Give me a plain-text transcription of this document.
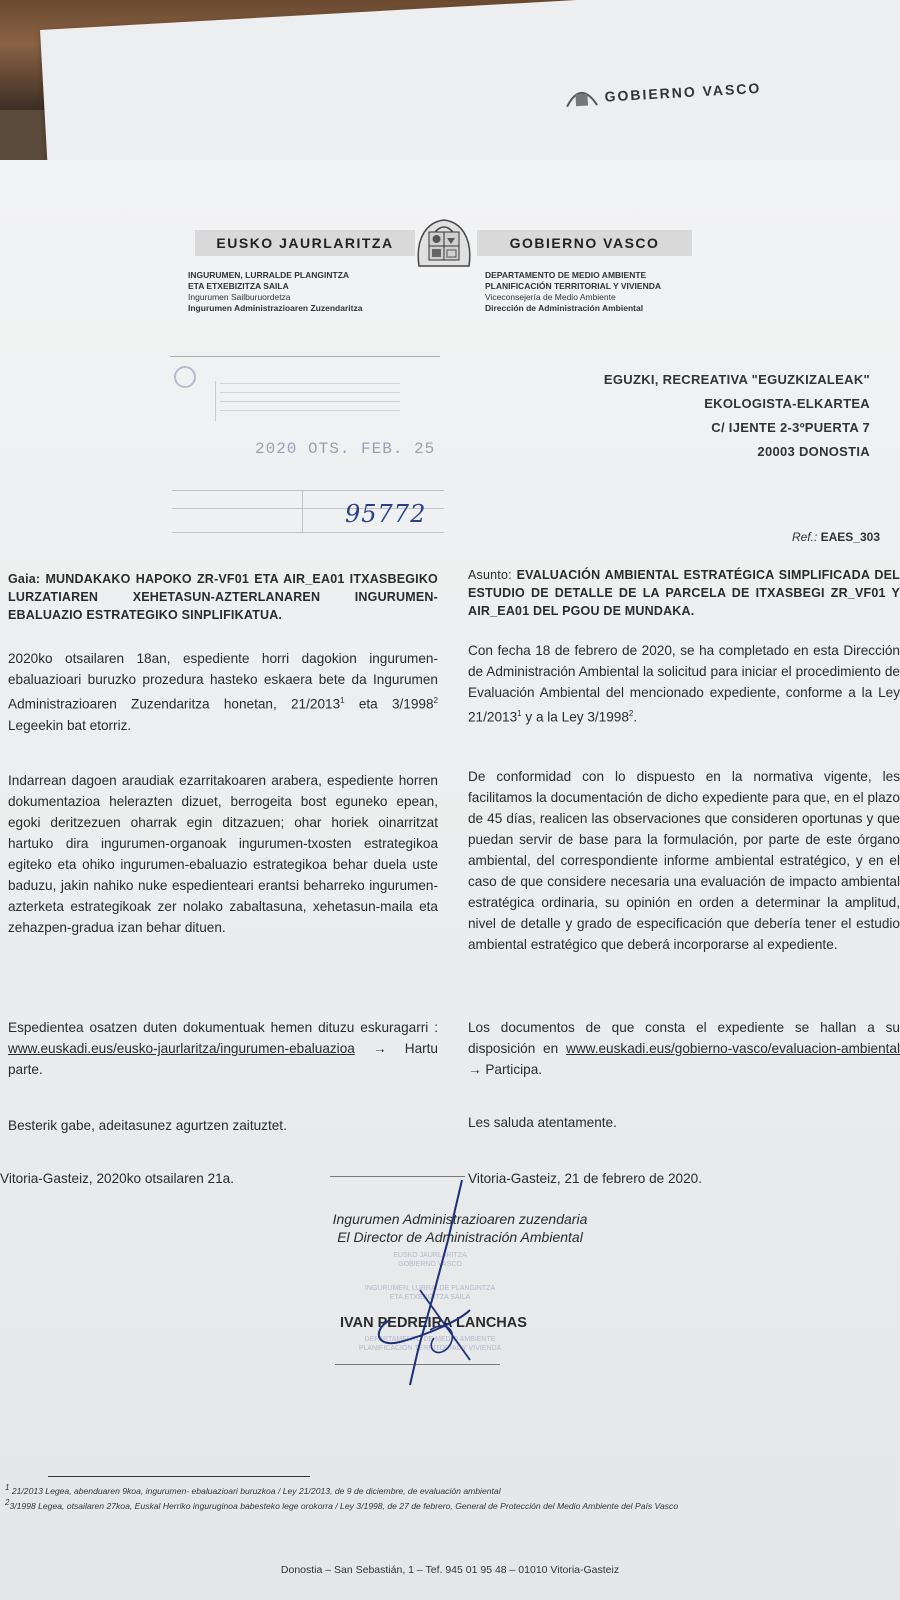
GOBIERNO VASCO
EUSKO JAURLARITZA	GOBIERNO VASCO
INGURUMEN, LURRALDE PLANGINTZA
ETA ETXEBIZITZA SAILA
Ingurumen Sailburuordetza
Ingurumen Administrazioaren Zuzendaritza
DEPARTAMENTO DE MEDIO AMBIENTE
PLANIFICACIÓN TERRITORIAL Y VIVIENDA
Viceconsejería de Medio Ambiente
Dirección de Administración Ambiental
2020 OTS. FEB. 25
95772
EGUZKI, RECREATIVA "EGUZKIZALEAK"
EKOLOGISTA-ELKARTEA
C/ IJENTE 2-3ºPUERTA 7
20003 DONOSTIA
Ref.: EAES_303
Gaia: MUNDAKAKO HAPOKO ZR-VF01 ETA AIR_EA01 ITXASBEGIKO LURZATIAREN XEHETASUN-AZTERLANAREN INGURUMEN-EBALUAZIO ESTRATEGIKO SINPLIFIKATUA.
2020ko otsailaren 18an, espediente horri dagokion ingurumen-ebaluazioari buruzko prozedura hasteko eskaera bete da Ingurumen Administrazioaren Zuzendaritza honetan, 21/2013$^1$ eta 3/1998$^2$ Legeekin bat etorriz.
Indarrean dagoen araudiak ezarritakoaren arabera, espediente horren dokumentazioa helerazten dizuet, berrogeita bost eguneko epean, egoki deritzezuen oharrak egin ditzazuen; ohar horiek oinarritzat hartuko dira ingurumen-organoak ingurumen-txosten estrategikoa egiteko eta ohiko ingurumen-ebaluazio estrategikoa behar duela uste baduzu, jakin nahiko nuke espedienteari erantsi beharreko ingurumen-azterketa estrategikoak zer nolako zabaltasuna, xehetasun-maila eta zehazpen-gradua izan behar dituen.
Espedientea osatzen duten dokumentuak hemen dituzu eskuragarri : www.euskadi.eus/eusko-jaurlaritza/ingurumen-ebaluazioa → Hartu parte.
Besterik gabe, adeitasunez agurtzen zaituztet.
Vitoria-Gasteiz, 2020ko otsailaren 21a.
Asunto: EVALUACIÓN AMBIENTAL ESTRATÉGICA SIMPLIFICADA DEL ESTUDIO DE DETALLE DE LA PARCELA DE ITXASBEGI ZR_VF01 Y AIR_EA01 DEL PGOU DE MUNDAKA.
Con fecha 18 de febrero de 2020, se ha completado en esta Dirección de Administración Ambiental la solicitud para iniciar el procedimiento de Evaluación Ambiental del mencionado expediente, conforme a la Ley 21/2013$^1$ y a la Ley 3/1998$^2$.
De conformidad con lo dispuesto en la normativa vigente, les facilitamos la documentación de dicho expediente para que, en el plazo de 45 días, realicen las observaciones que consideren oportunas y que puedan servir de base para la formulación, por parte de este órgano ambiental, del correspondiente informe ambiental estratégico, y en el caso de que considere necesaria una evaluación de impacto ambiental estratégica ordinaria, su opinión en orden a determinar la amplitud, nivel de detalle y grado de especificación que debería tener el estudio ambiental estratégico que deberá incorporarse al expediente.
Los documentos de que consta el expediente se hallan a su disposición en www.euskadi.eus/gobierno-vasco/evaluacion-ambiental → Participa.
Les saluda atentamente.
Vitoria-Gasteiz, 21 de febrero de 2020.
Ingurumen Administrazioaren zuzendaria
El Director de Administración Ambiental
EUSKO JAURLARITZA
GOBIERNO VASCO
INGURUMEN, LURRALDE PLANGINTZA
ETA ETXEBIZITZA SAILA
IVAN PEDREIRA LANCHAS
DEPARTAMENTO DE MEDIO AMBIENTE
PLANIFICACIÓN TERRITORIAL Y VIVIENDA
$^1$ 21/2013 Legea, abenduaren 9koa, ingurumen- ebaluazioari buruzkoa / Ley 21/2013, de 9 de diciembre, de evaluación ambiental
$^2$3/1998 Legea, otsailaren 27koa, Euskal Herriko inguruginoa babesteko lege orokorra / Ley 3/1998, de 27 de febrero, General de Protección del Medio Ambiente del País Vasco
Donostia – San Sebastián, 1 – Tef. 945 01 95 48 – 01010 Vitoria-Gasteiz
